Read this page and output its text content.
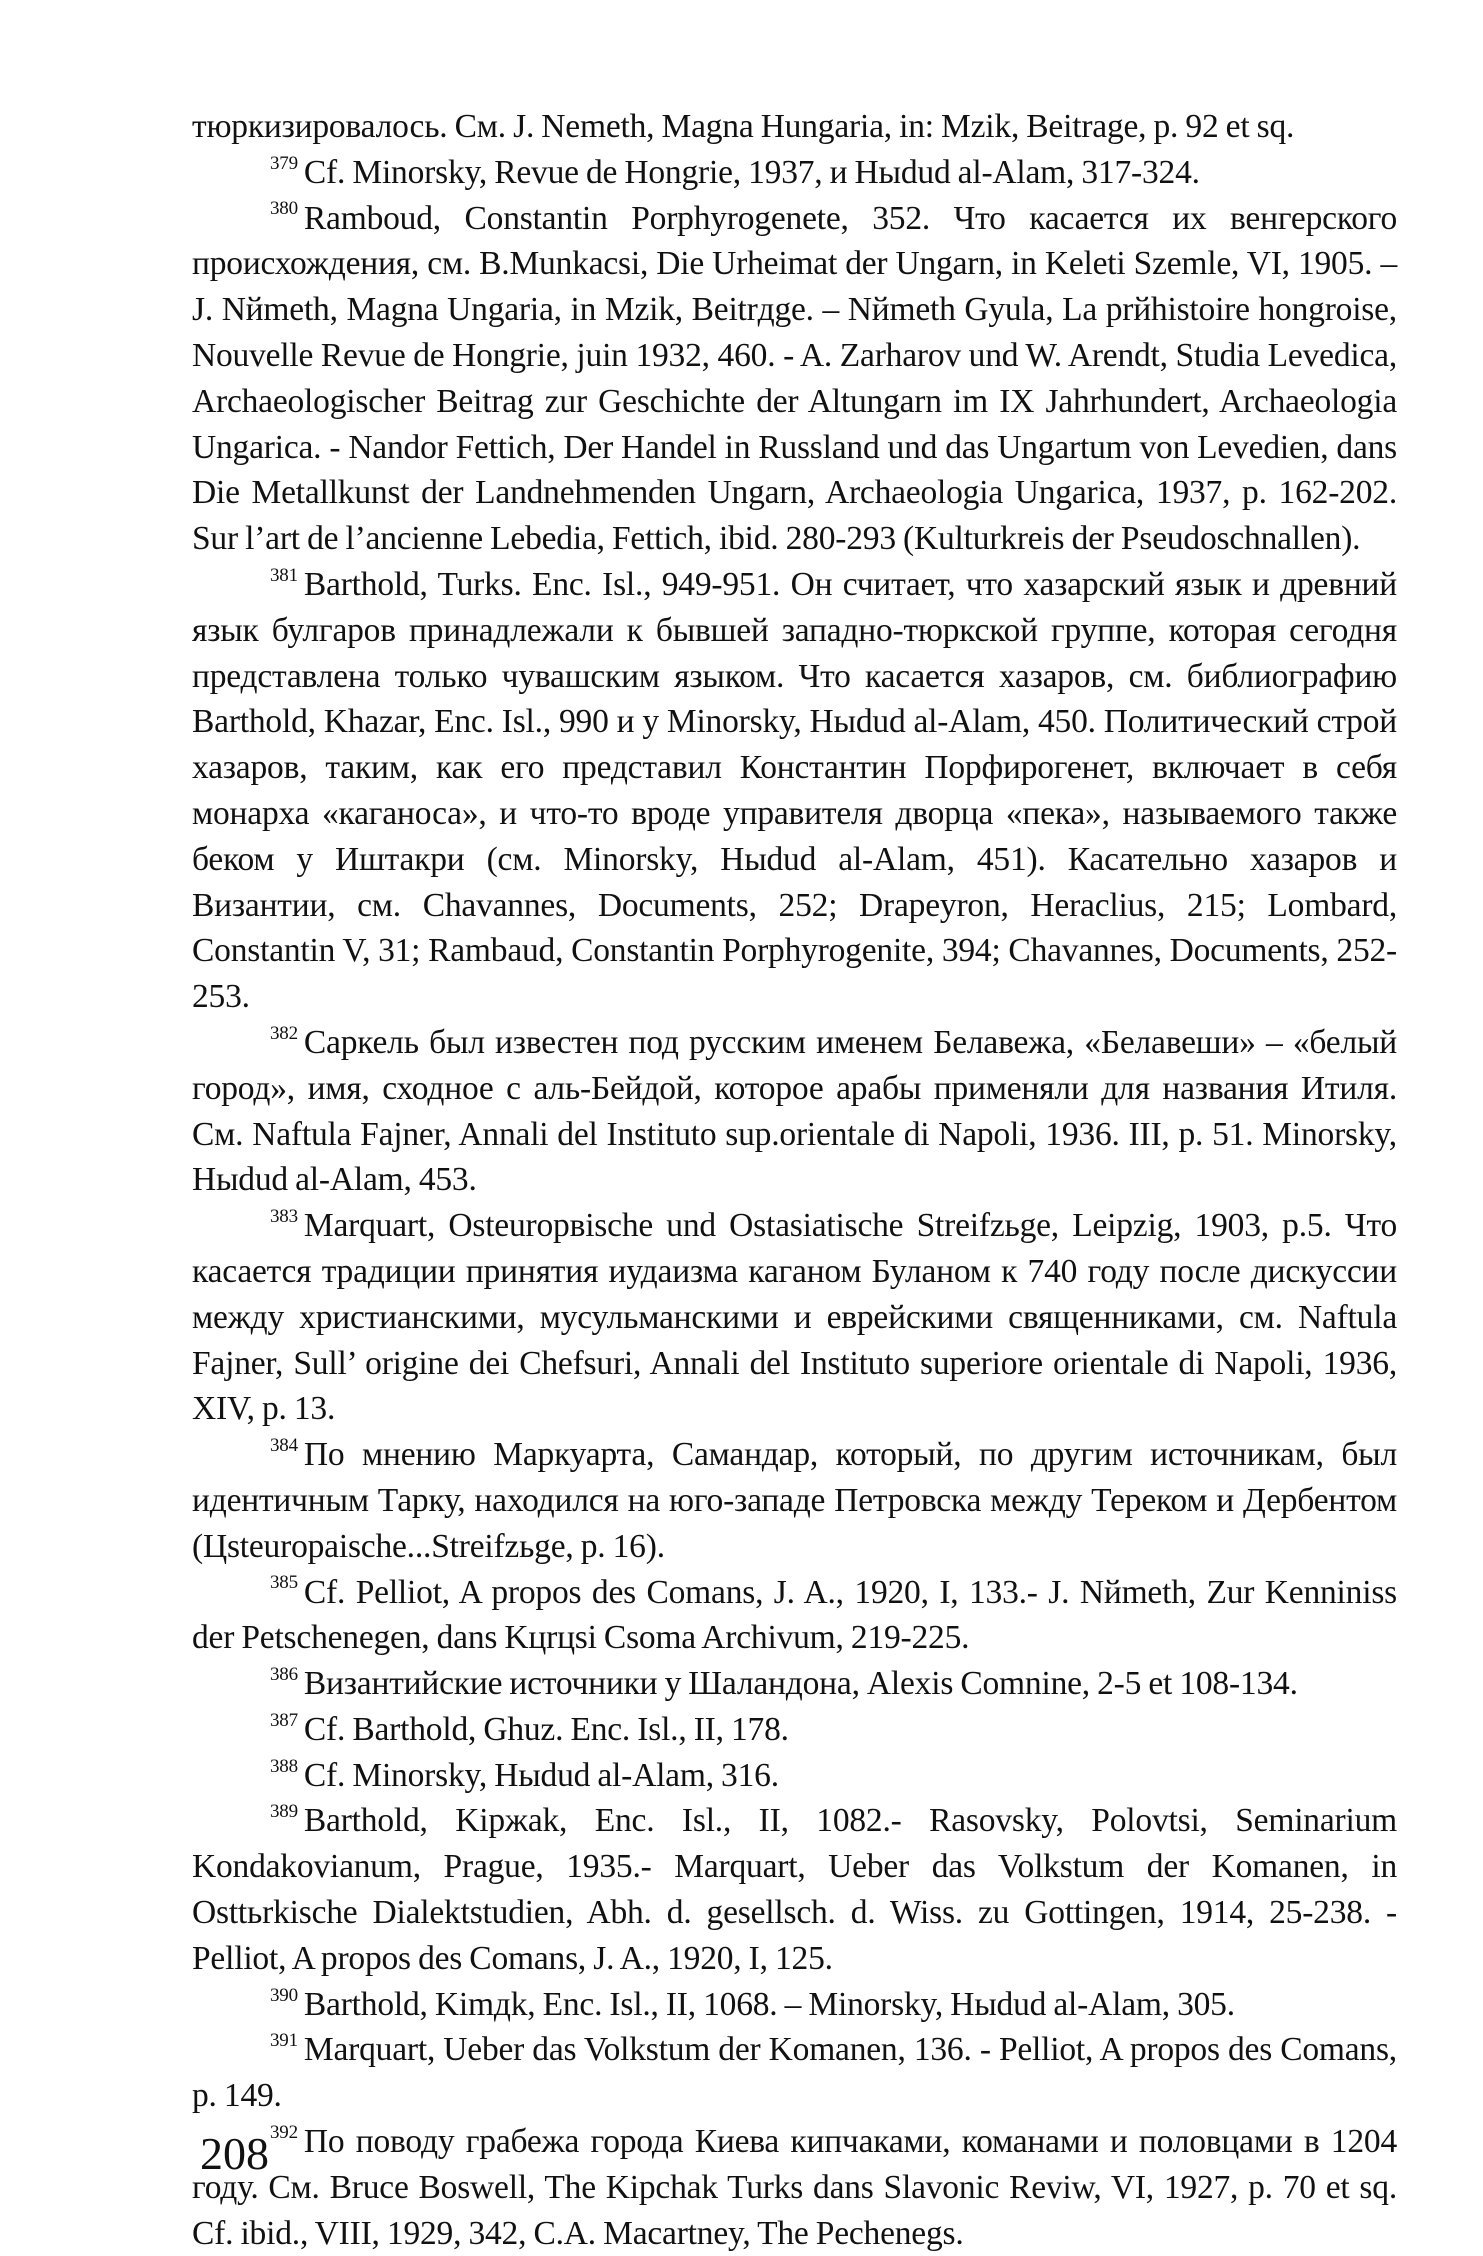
тюркизировалось. См. J. Nemeth, Magna Hungaria, in: Mzik, Beitrage, p. 92 et sq.

$^{379}$ Cf. Minorsky, Revue de Hongrie, 1937, и Hыdud al-Alam, 317-324.

$^{380}$ Ramboud, Constantin Porphyrogenete, 352. Что касается их венгерского происхождения, см. B.Munkacsi, Die Urheimat der Ungarn, in Keleti Szemle, VI, 1905. – J. Nйmeth, Magna Ungaria, in Mzik, Beitrдge. – Nйmeth Gyula, La prйhistoire hongroise, Nouvelle Revue de Hongrie, juin 1932, 460. - A. Zarharov und W. Arendt, Studia Levedica, Archaeologischer Beitrag zur Geschichte der Altungarn im IX Jahrhundert, Archaeologia Ungarica. - Nandor Fettich, Der Handel in Russland und das Ungartum von Levedien, dans Die Metallkunst der Landnehmenden Ungarn, Archaeologia Ungarica, 1937, p. 162-202. Sur l’art de l’ancienne Lebedia, Fettich, ibid. 280-293 (Kulturkreis der Pseudoschnallen).

$^{381}$ Barthold, Turks. Enc. Isl., 949-951. Он считает, что хазарский язык и древний язык булгаров принадлежали к бывшей западно-тюркской группе, которая сегодня представлена только чувашским языком. Что касается хазаров, см. библиографию Barthold, Khazar, Enc. Isl., 990 и у Minorsky, Hыdud al-Alam, 450. Политический строй хазаров, таким, как его представил Константин Порфирогенет, включает в себя монарха «каганоса», и что-то вроде управителя дворца «пека», называемого также беком у Иштакри (см. Minorsky, Hыdud al-Alam, 451). Касательно хазаров и Византии, см. Chavannes, Documents, 252; Drapeyron, Heraclius, 215; Lombard, Constantin V, 31; Rambaud, Constantin Porphyrogenite, 394; Chavannes, Documents, 252-253.

$^{382}$ Саркель был известен под русским именем Белавежа, «Белавеши» – «белый город», имя, сходное с аль-Бейдой, которое арабы применяли для названия Итиля. См. Naftula Fajner, Annali del Instituto sup.orientale di Napoli, 1936. III, p. 51. Minorsky, Hыdud al-Alam, 453.

$^{383}$ Marquart, Osteuropвische und Ostasiatische Streifzьge, Leipzig, 1903, p.5. Что касается традиции принятия иудаизма каганом Буланом к 740 году после дискуссии между христианскими, мусульманскими и еврейскими священниками, см. Naftula Fajner, Sull’ origine dei Chefsuri, Annali del Instituto superiore orientale di Napoli, 1936, XIV, p. 13.

$^{384}$ По мнению Маркуарта, Самандар, который, по другим источникам, был идентичным Тарку, находился на юго-западе Петровска между Тереком и Дербентом (Цsteuropaische...Streifzьge, p. 16).

$^{385}$ Cf. Pelliot, A propos des Comans, J. A., 1920, I, 133.- J. Nйmeth, Zur Kenniniss der Petschenegen, dans Kцrцsi Csoma Archivum, 219-225.

$^{386}$ Византийские источники у Шаландона, Alexis Comnine, 2-5 et 108-134.

$^{387}$ Cf. Barthold, Ghuz. Enc. Isl., II, 178.

$^{388}$ Cf. Minorsky, Hыdud al-Alam, 316.

$^{389}$ Barthold, Kipжak, Enc. Isl., II, 1082.- Rasovsky, Polovtsi, Seminarium Kondakovianum, Prague, 1935.- Marquart, Ueber das Volkstum der Komanen, in Osttьrkische Dialektstudien, Abh. d. gesellsch. d. Wiss. zu Gottingen, 1914, 25-238. -Pelliot, A propos des Comans, J. A., 1920, I, 125.

$^{390}$ Barthold, Kimдk, Enc. Isl., II, 1068. – Minorsky, Hыdud al-Alam, 305.

$^{391}$ Marquart, Ueber das Volkstum der Komanen, 136. - Pelliot, A propos des Comans, p. 149.

$^{392}$ По поводу грабежа города Киева кипчаками, команами и половцами в 1204 году. См. Bruce Boswell, The Kipchak Turks dans Slavonic Reviw, VI, 1927, p. 70 et sq. Cf. ibid., VIII, 1929, 342, C.A. Macartney, The Pechenegs.

208
